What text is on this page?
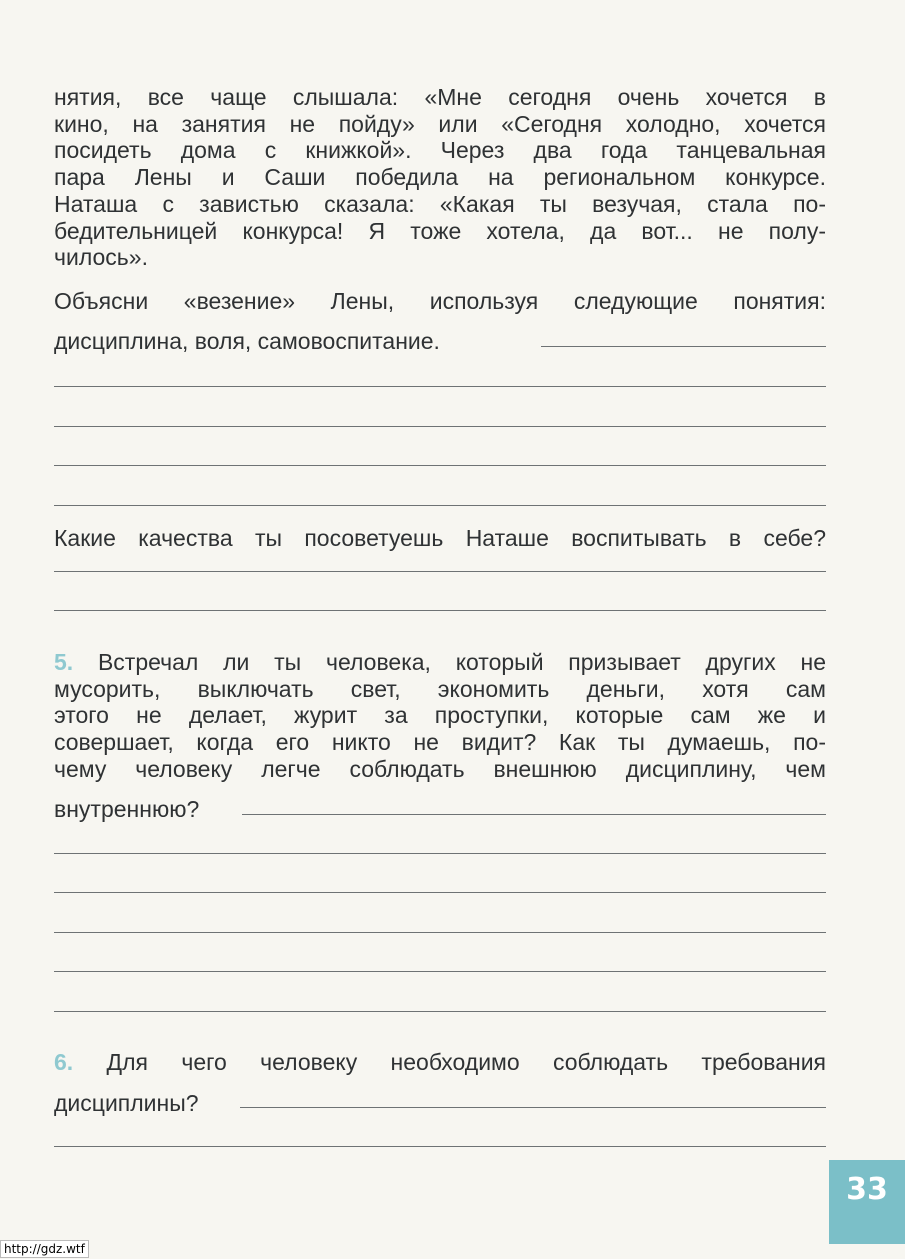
нятия, все чаще слышала: «Мне сегодня очень хочется в
кино, на занятия не пойду» или «Сегодня холодно, хочется
посидеть дома с книжкой». Через два года танцевальная
пара Лены и Саши победила на региональном конкурсе.
Наташа с завистью сказала: «Какая ты везучая, стала по-
бедительницей конкурса! Я тоже хотела, да вот... не полу-
чилось».
Объясни «везение» Лены, используя следующие понятия:
дисциплина, воля, самовоспитание.
Какие качества ты посоветуешь Наташе воспитывать в себе?
5. Встречал ли ты человека, который призывает других не
мусорить, выключать свет, экономить деньги, хотя сам
этого не делает, журит за проступки, которые сам же и
совершает, когда его никто не видит? Как ты думаешь, по-
чему человеку легче соблюдать внешнюю дисциплину, чем
внутреннюю?
6. Для чего человеку необходимо соблюдать требования
дисциплины?
33
http://gdz.wtf
